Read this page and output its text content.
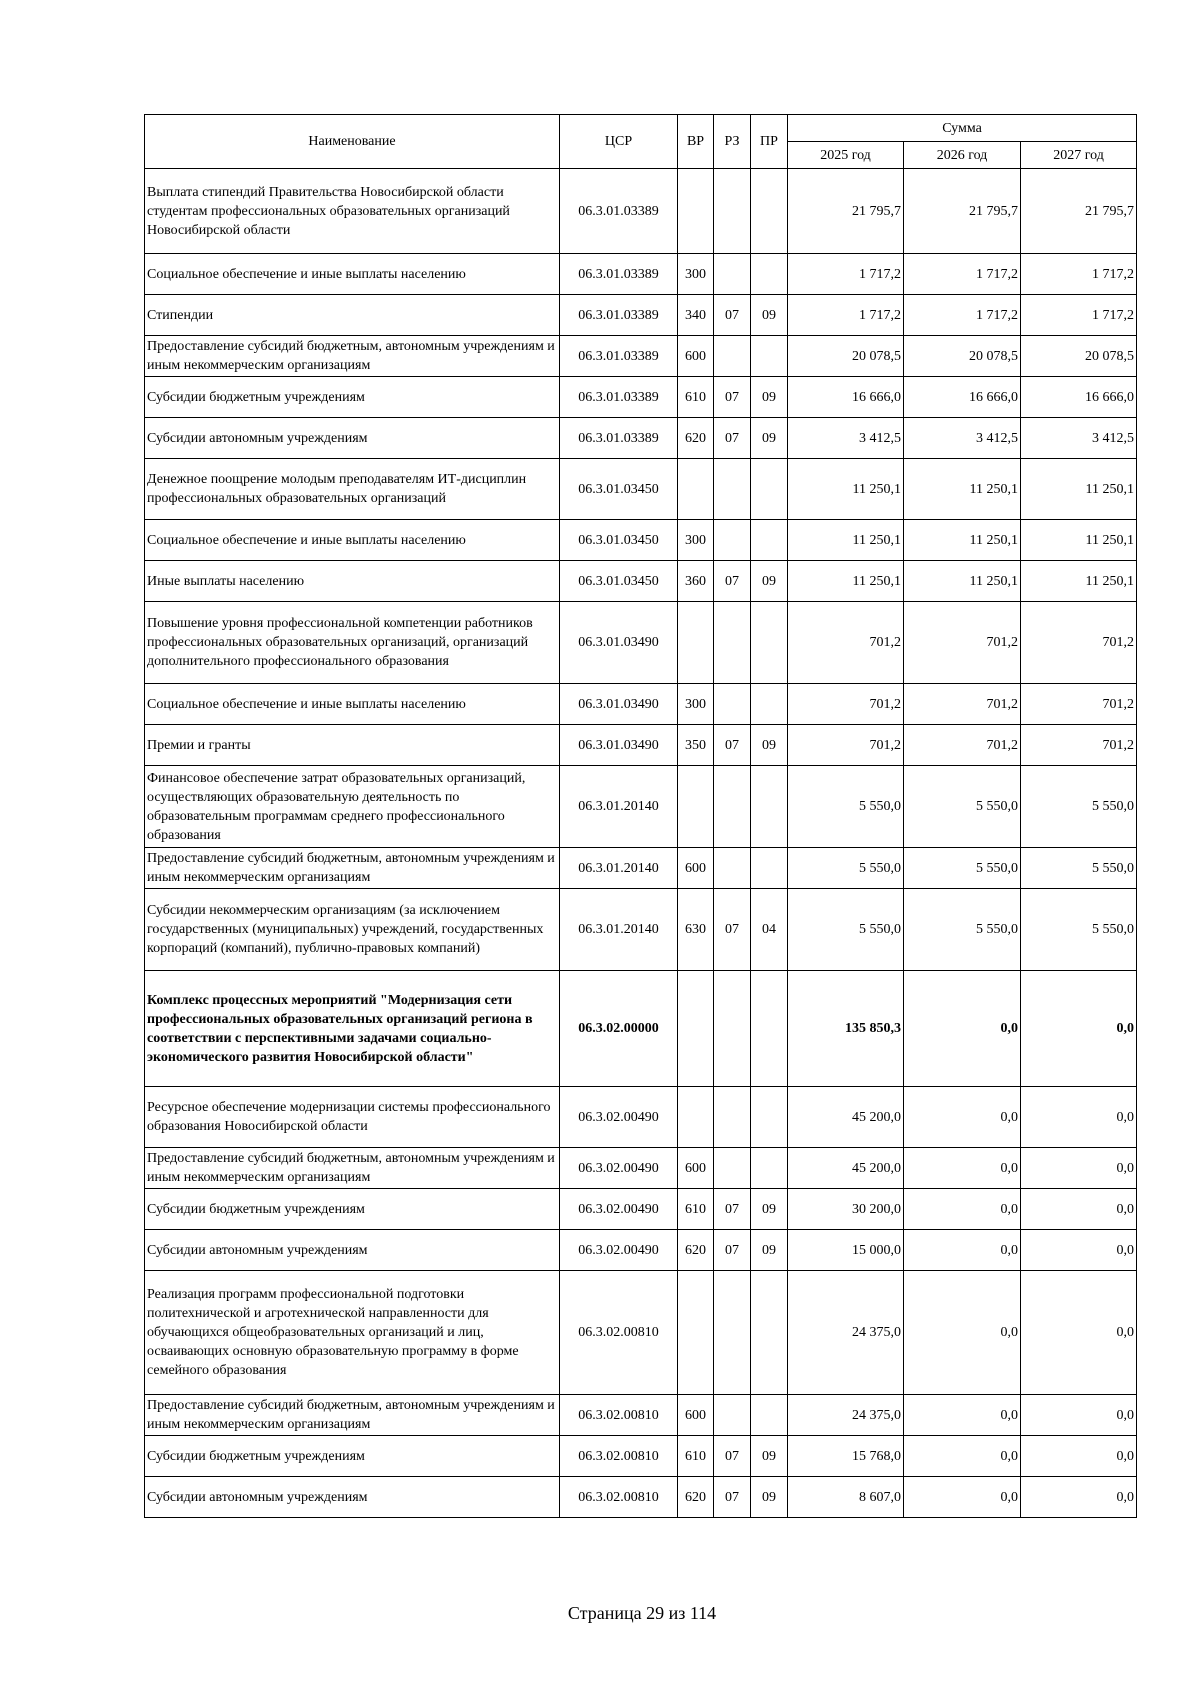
Наименование	ЦСР	ВР	РЗ	ПР	Сумма		
					2025 год	2026 год	2027 год
Выплата стипендий Правительства Новосибирской области студентам профессиональных образовательных организаций Новосибирской области	06.3.01.03389				21 795,7	21 795,7	21 795,7
Социальное обеспечение и иные выплаты населению	06.3.01.03389	300			1 717,2	1 717,2	1 717,2
Стипендии	06.3.01.03389	340	07	09	1 717,2	1 717,2	1 717,2
Предоставление субсидий бюджетным, автономным учреждениям и иным некоммерческим организациям	06.3.01.03389	600			20 078,5	20 078,5	20 078,5
Субсидии бюджетным учреждениям	06.3.01.03389	610	07	09	16 666,0	16 666,0	16 666,0
Субсидии автономным учреждениям	06.3.01.03389	620	07	09	3 412,5	3 412,5	3 412,5
Денежное поощрение молодым преподавателям ИТ-дисциплин профессиональных образовательных организаций	06.3.01.03450				11 250,1	11 250,1	11 250,1
Социальное обеспечение и иные выплаты населению	06.3.01.03450	300			11 250,1	11 250,1	11 250,1
Иные выплаты населению	06.3.01.03450	360	07	09	11 250,1	11 250,1	11 250,1
Повышение уровня профессиональной компетенции работников профессиональных образовательных организаций, организаций дополнительного профессионального образования	06.3.01.03490				701,2	701,2	701,2
Социальное обеспечение и иные выплаты населению	06.3.01.03490	300			701,2	701,2	701,2
Премии и гранты	06.3.01.03490	350	07	09	701,2	701,2	701,2
Финансовое обеспечение затрат образовательных организаций, осуществляющих образовательную деятельность по образовательным программам среднего профессионального образования	06.3.01.20140				5 550,0	5 550,0	5 550,0
Предоставление субсидий бюджетным, автономным учреждениям и иным некоммерческим организациям	06.3.01.20140	600			5 550,0	5 550,0	5 550,0
Субсидии некоммерческим организациям (за исключением государственных (муниципальных) учреждений, государственных корпораций (компаний), публично-правовых компаний)	06.3.01.20140	630	07	04	5 550,0	5 550,0	5 550,0
Комплекс процессных мероприятий "Модернизация сети профессиональных образовательных организаций региона в соответствии с перспективными задачами социально-экономического развития Новосибирской области"	06.3.02.00000				135 850,3	0,0	0,0
Ресурсное обеспечение модернизации системы профессионального образования Новосибирской области	06.3.02.00490				45 200,0	0,0	0,0
Предоставление субсидий бюджетным, автономным учреждениям и иным некоммерческим организациям	06.3.02.00490	600			45 200,0	0,0	0,0
Субсидии бюджетным учреждениям	06.3.02.00490	610	07	09	30 200,0	0,0	0,0
Субсидии автономным учреждениям	06.3.02.00490	620	07	09	15 000,0	0,0	0,0
Реализация программ профессиональной подготовки политехнической и агротехнической направленности для обучающихся общеобразовательных организаций и лиц, осваивающих основную образовательную программу в форме семейного образования	06.3.02.00810				24 375,0	0,0	0,0
Предоставление субсидий бюджетным, автономным учреждениям и иным некоммерческим организациям	06.3.02.00810	600			24 375,0	0,0	0,0
Субсидии бюджетным учреждениям	06.3.02.00810	610	07	09	15 768,0	0,0	0,0
Субсидии автономным учреждениям	06.3.02.00810	620	07	09	8 607,0	0,0	0,0
Страница 29 из 114
